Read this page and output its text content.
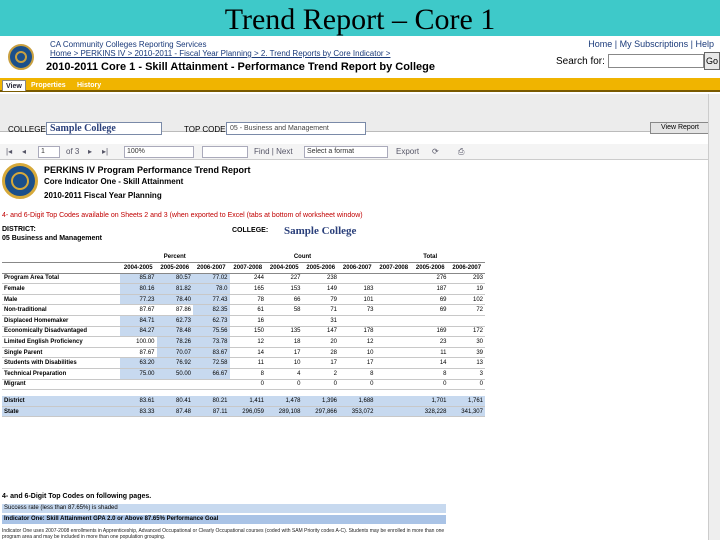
Trend Report – Core 1
CA Community Colleges Reporting Services
Home > PERKINS IV > 2010-2011 - Fiscal Year Planning > 2. Trend Reports by Core Indicator >
2010-2011 Core 1 - Skill Attainment - Performance Trend Report by College
Home | My Subscriptions | Help
Search for:	Go
View	Properties	History
COLLEGE Sample College	TOP CODE 05 - Business and Management	View Report
|◂ ◂	1	of 3 ▸ ▸|	100%	Find | Next	Select a format	Export ⟳ ⎙
PERKINS IV Program Performance Trend Report
Core Indicator One - Skill Attainment
2010-2011 Fiscal Year Planning
4- and 6-Digit Top Codes available on Sheets 2 and 3 (when exported to Excel (tabs at bottom of worksheet window)
DISTRICT:
05 Business and Management
COLLEGE: Sample College
	Percent			Count				Total		
	2004-2005	2005-2006	2006-2007	2007-2008	2004-2005	2005-2006	2006-2007	2007-2008	2005-2006	2006-2007
Program Area Total	85.87	80.57	77.02	244	227	238			276	293
Female	80.16	81.82	78.0	165	153	149	183		187	19
Male	77.23	78.40	77.43	78	66	79	101		69	102
Non-traditional	87.67	87.86	82.35	61	58	71	73		69	72
Displaced Homemaker	84.71	62.73	62.73	16		31				
Economically Disadvantaged	84.27	78.48	75.56	150	135	147	178		169	172
Limited English Proficiency	100.00	78.26	73.78	12	18	20	12		23	30
Single Parent	87.67	70.07	83.67	14	17	28	10		11	39
Students with Disabilities	63.20	76.92	72.58	11	10	17	17		14	13
Technical Preparation	75.00	50.00	66.67	8	4	2	8		8	3
Migrant				0	0	0	0		0	0

District	83.61	80.41	80.21	1,411	1,478	1,396	1,688		1,701	1,761
State	83.33	87.48	87.11	296,059	289,108	297,866	353,072		328,228	341,307
4- and 6-Digit Top Codes on following pages.
Success rate (less than 87.65%) is shaded
Indicator One: Skill Attainment GPA 2.0 or Above 87.65% Performance Goal
Indicator One uses 2007-2008 enrollments in Apprenticeship, Advanced Occupational or Clearly Occupational courses (coded with SAM Priority codes A-C). Students may be enrolled in more than one program area and may be included in more than one population grouping.
